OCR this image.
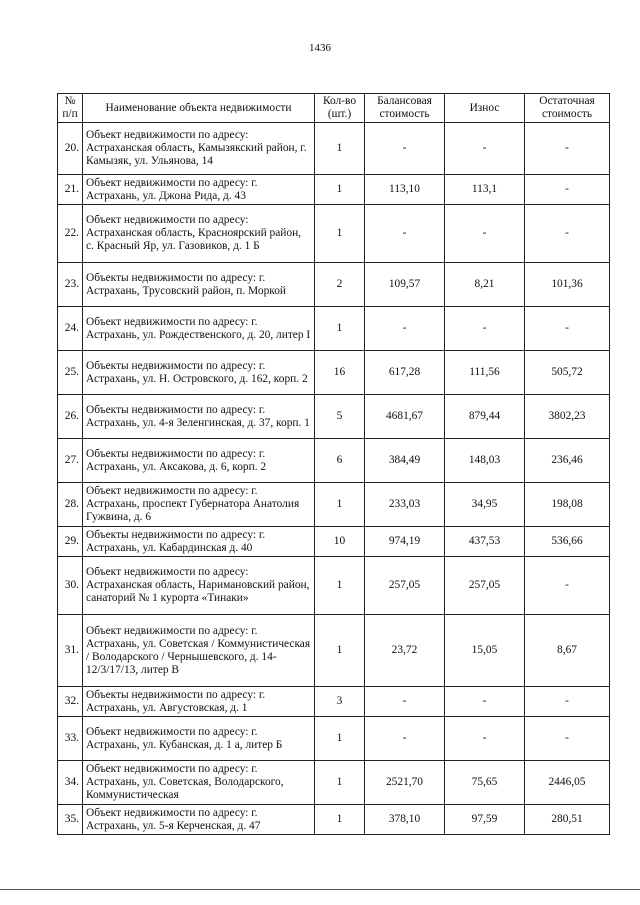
1436
№ п/п	Наименование объекта недвижимости	Кол-во (шт.)	Балансовая стоимость	Износ	Остаточная стоимость
20.	Объект недвижимости по адресу: Астраханская область, Камызякский район, г. Камызяк, ул. Ульянова, 14	1	-	-	-
21.	Объект недвижимости по адресу: г. Астрахань, ул. Джона Рида, д. 43	1	113,10	113,1	-
22.	Объект недвижимости по адресу: Астраханская область, Красноярский район, с. Красный Яр, ул. Газовиков, д. 1 Б	1	-	-	-
23.	Объекты недвижимости по адресу: г. Астрахань, Трусовский район, п. Моркой	2	109,57	8,21	101,36
24.	Объект недвижимости по адресу: г. Астрахань, ул. Рождественского, д. 20, литер I	1	-	-	-
25.	Объекты недвижимости по адресу: г. Астрахань, ул. Н. Островского, д. 162, корп. 2	16	617,28	111,56	505,72
26.	Объекты недвижимости по адресу: г. Астрахань, ул. 4-я Зеленгинская, д. 37, корп. 1	5	4681,67	879,44	3802,23
27.	Объекты недвижимости по адресу: г. Астрахань, ул. Аксакова, д. 6, корп. 2	6	384,49	148,03	236,46
28.	Объект недвижимости по адресу: г. Астрахань, проспект Губернатора Анатолия Гужвина, д. 6	1	233,03	34,95	198,08
29.	Объекты недвижимости по адресу: г. Астрахань, ул. Кабардинская д. 40	10	974,19	437,53	536,66
30.	Объект недвижимости по адресу: Астраханская область, Наримановский район, санаторий № 1 курорта «Тинаки»	1	257,05	257,05	-
31.	Объект недвижимости по адресу: г. Астрахань, ул. Советская / Коммунистическая / Володарского / Чернышевского, д. 14-12/3/17/13, литер В	1	23,72	15,05	8,67
32.	Объекты недвижимости по адресу: г. Астрахань, ул. Августовская, д. 1	3	-	-	-
33.	Объект недвижимости по адресу: г. Астрахань, ул. Кубанская, д. 1 а, литер Б	1	-	-	-
34.	Объект недвижимости по адресу: г. Астрахань, ул. Советская, Володарского, Коммунистическая	1	2521,70	75,65	2446,05
35.	Объект недвижимости по адресу: г. Астрахань, ул. 5-я Керченская, д. 47	1	378,10	97,59	280,51
